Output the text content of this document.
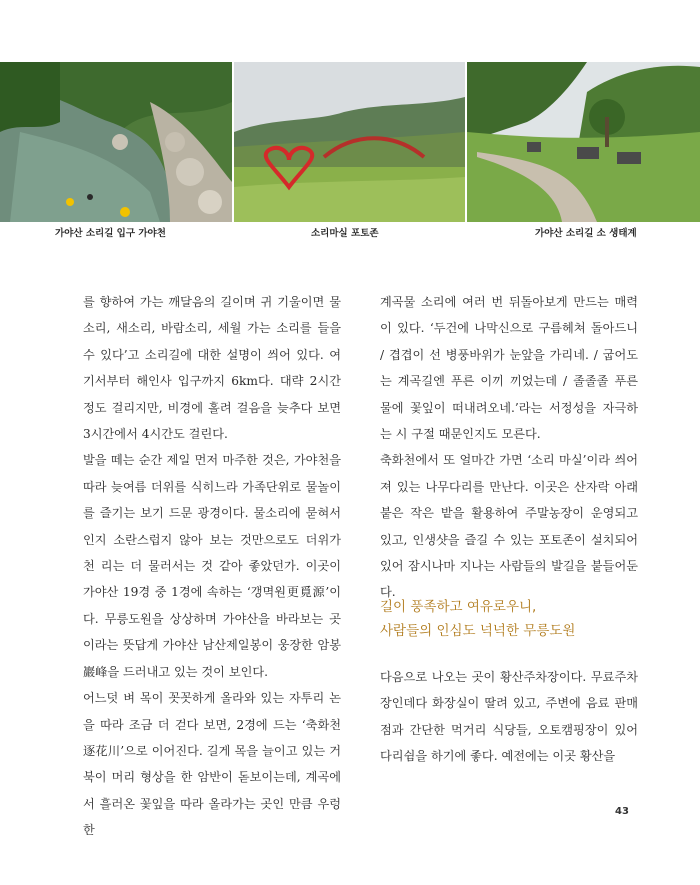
가야산 소리길 입구 가야천	소리마실 포토존	가야산 소리길 소 생태계

를 향하여 가는 깨달음의 길이며 귀 기울이면 물소리, 새소리, 바람소리, 세월 가는 소리를 들을 수 있다’고 소리길에 대한 설명이 씌어 있다. 여기서부터 해인사 입구까지 6km다. 대략 2시간 정도 걸리지만, 비경에 홀려 걸음을 늦추다 보면 3시간에서 4시간도 걸린다.

발을 떼는 순간 제일 먼저 마주한 것은, 가야천을 따라 늦여름 더위를 식히느라 가족단위로 물놀이를 즐기는 보기 드문 광경이다. 물소리에 묻혀서인지 소란스럽지 않아 보는 것만으로도 더위가 천 리는 더 물러서는 것 같아 좋았던가. 이곳이 가야산 19경 중 1경에 속하는 ‘갱멱원更覓源’이다. 무릉도원을 상상하며 가야산을 바라보는 곳이라는 뜻답게 가야산 남산제일봉이 웅장한 암봉巖峰을 드러내고 있는 것이 보인다.

어느덧 벼 목이 꼿꼿하게 올라와 있는 자투리 논을 따라 조금 더 걷다 보면, 2경에 드는 ‘축화천逐花川’으로 이어진다. 길게 목을 늘이고 있는 거북이 머리 형상을 한 암반이 돋보이는데, 계곡에서 흘러온 꽃잎을 따라 올라가는 곳인 만큼 우렁한

계곡물 소리에 여러 번 뒤돌아보게 만드는 매력이 있다. ‘두건에 나막신으로 구름헤쳐 돌아드니 / 겹겹이 선 병풍바위가 눈앞을 가리네. / 굽어도는 계곡길엔 푸른 이끼 끼었는데 / 졸졸졸 푸른 물에 꽃잎이 떠내려오네.’라는 서정성을 자극하는 시 구절 때문인지도 모른다.

축화천에서 또 얼마간 가면 ‘소리 마실’이라 씌어져 있는 나무다리를 만난다. 이곳은 산자락 아래 붙은 작은 밭을 활용하여 주말농장이 운영되고 있고, 인생샷을 즐길 수 있는 포토존이 설치되어 있어 잠시나마 지나는 사람들의 발길을 붙들어둔다.

길이 풍족하고 여유로우니,

사람들의 인심도 넉넉한 무릉도원

다음으로 나오는 곳이 황산주차장이다. 무료주차장인데다 화장실이 딸려 있고, 주변에 음료 판매점과 간단한 먹거리 식당들, 오토캠핑장이 있어 다리쉼을 하기에 좋다. 예전에는 이곳 황산을

43
